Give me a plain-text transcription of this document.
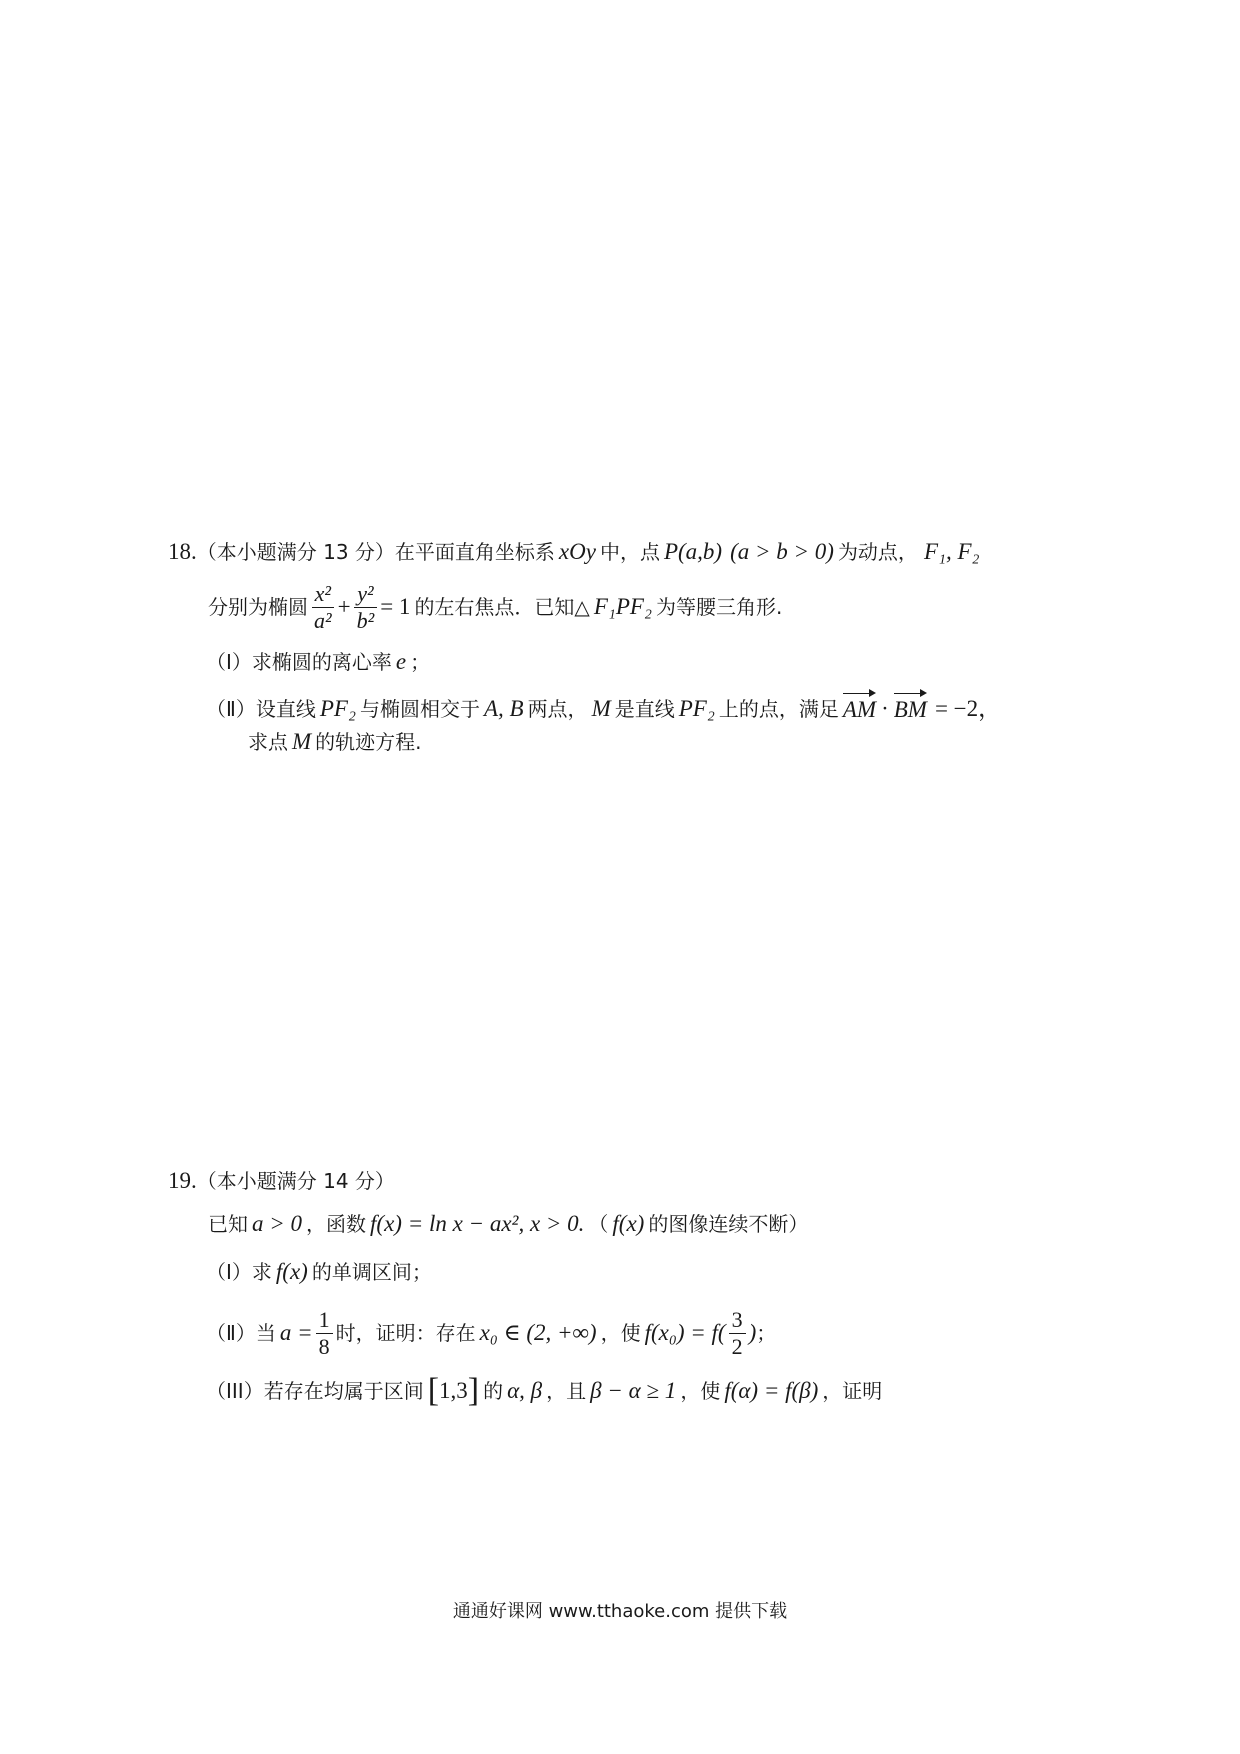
18. （本小题满分 13 分）在平面直角坐标系 xOy 中，点 P(a,b) (a > b > 0) 为动点， F₁, F₂
分别为椭圆 $\frac{\text{x²}}{\text{a²}} + \frac{\text{y²}}{\text{b²}} = 1$ 的左右焦点．已知△ F₁PF₂ 为等腰三角形.
（Ⅰ） 求椭圆的离心率 e ；
（Ⅱ） 设直线 PF₂ 与椭圆相交于 A, B 两点， M 是直线 PF₂ 上的点，满足 AM · BM = −2，
求点 M 的轨迹方程.
19. （本小题满分 14 分）
已知 a > 0 ，函数 f(x) = ln x − ax², x > 0. （ f(x) 的图像连续不断）
（Ⅰ） 求 f(x) 的单调区间；
（Ⅱ） 当 $a = \frac{1}{8}$ 时，证明：存在 x₀ ∈ (2, +∞) ，使 $f(x_0) = f( \frac{3}{2}$ ) ；
（III） 若存在均属于区间 [ 1,3 ] 的 α, β ，且 β − α ≥ 1 ，使 f(α) = f(β) ，证明
通通好课网 www.tthaoke.com 提供下载
